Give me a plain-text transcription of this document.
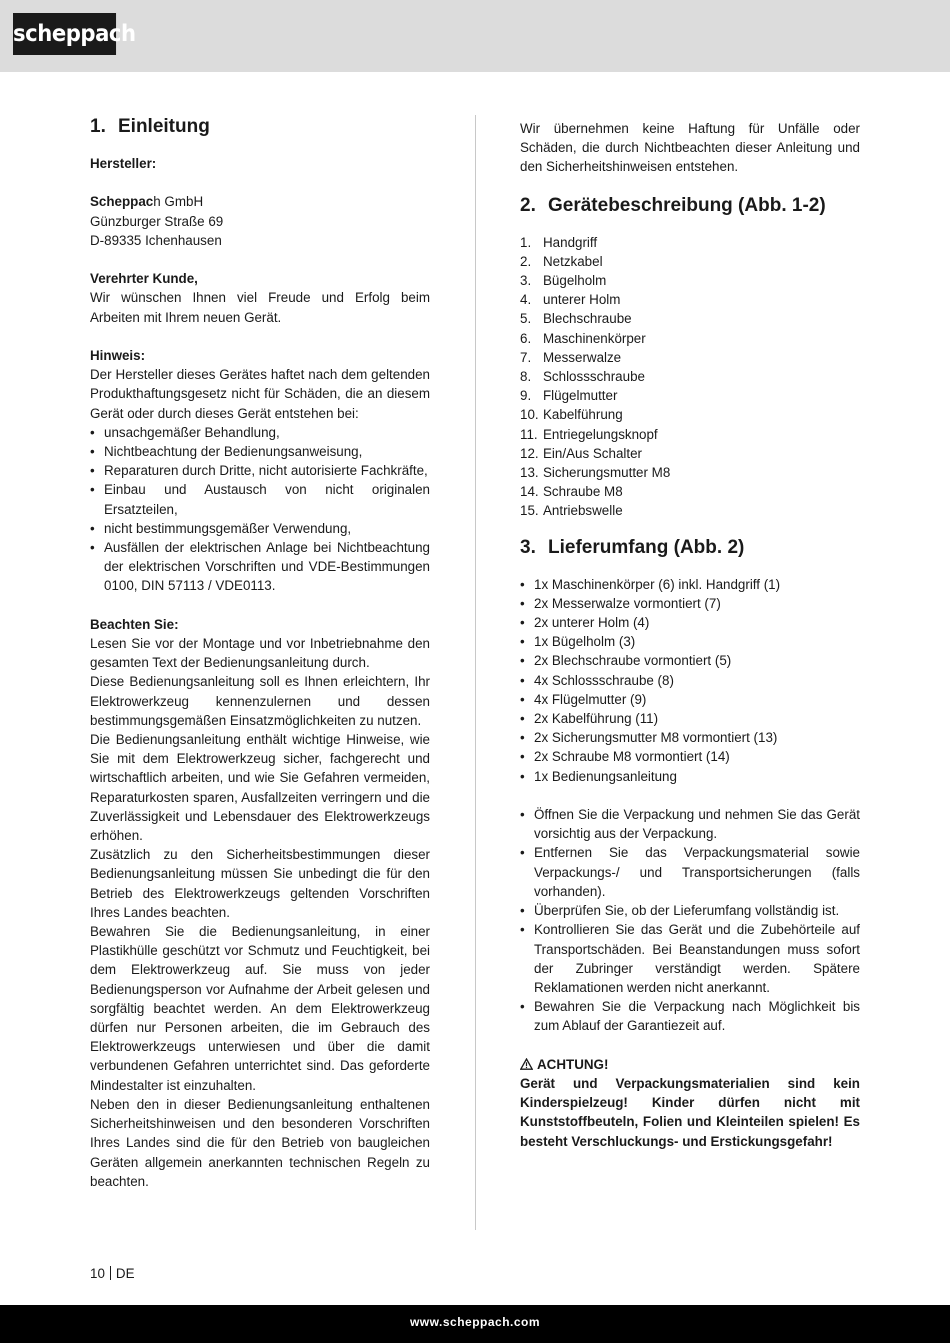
scheppach
1. Einleitung

Hersteller:

Scheppach GmbH

Günzburger Straße 69

D-89335 Ichenhausen

Verehrter Kunde,

Wir wünschen Ihnen viel Freude und Erfolg beim Arbeiten mit Ihrem neuen Gerät.

Hinweis:

Der Hersteller dieses Gerätes haftet nach dem geltenden Produkthaftungsgesetz nicht für Schäden, die an diesem Gerät oder durch dieses Gerät entstehen bei:

• unsachgemäßer Behandlung,
• Nichtbeachtung der Bedienungsanweisung,
• Reparaturen durch Dritte, nicht autorisierte Fachkräfte,
• Einbau und Austausch von nicht originalen Ersatzteilen,
• nicht bestimmungsgemäßer Verwendung,
• Ausfällen der elektrischen Anlage bei Nichtbeachtung der elektrischen Vorschriften und VDE-Bestimmungen 0100, DIN 57113 / VDE0113.

Beachten Sie:

Lesen Sie vor der Montage und vor Inbetriebnahme den gesamten Text der Bedienungsanleitung durch.

Diese Bedienungsanleitung soll es Ihnen erleichtern, Ihr Elektrowerkzeug kennenzulernen und dessen bestimmungsgemäßen Einsatzmöglichkeiten zu nutzen.

Die Bedienungsanleitung enthält wichtige Hinweise, wie Sie mit dem Elektrowerkzeug sicher, fachgerecht und wirtschaftlich arbeiten, und wie Sie Gefahren vermeiden, Reparaturkosten sparen, Ausfallzeiten verringern und die Zuverlässigkeit und Lebensdauer des Elektrowerkzeugs erhöhen.

Zusätzlich zu den Sicherheitsbestimmungen dieser Bedienungsanleitung müssen Sie unbedingt die für den Betrieb des Elektrowerkzeugs geltenden Vorschriften Ihres Landes beachten.

Bewahren Sie die Bedienungsanleitung, in einer Plastikhülle geschützt vor Schmutz und Feuchtigkeit, bei dem Elektrowerkzeug auf. Sie muss von jeder Bedienungsperson vor Aufnahme der Arbeit gelesen und sorgfältig beachtet werden. An dem Elektrowerkzeug dürfen nur Personen arbeiten, die im Gebrauch des Elektrowerkzeugs unterwiesen und über die damit verbundenen Gefahren unterrichtet sind. Das geforderte Mindestalter ist einzuhalten.

Neben den in dieser Bedienungsanleitung enthaltenen Sicherheitshinweisen und den besonderen Vorschriften Ihres Landes sind die für den Betrieb von baugleichen Geräten allgemein anerkannten technischen Regeln zu beachten.

Wir übernehmen keine Haftung für Unfälle oder Schäden, die durch Nichtbeachten dieser Anleitung und den Sicherheitshinweisen entstehen.

2. Gerätebeschreibung (Abb. 1-2)
1. Handgriff
2. Netzkabel
3. Bügelholm
4. unterer Holm
5. Blechschraube
6. Maschinenkörper
7. Messerwalze
8. Schlossschraube
9. Flügelmutter
10. Kabelführung
11. Entriegelungsknopf
12. Ein/Aus Schalter
13. Sicherungsmutter M8
14. Schraube M8
15. Antriebswelle
3. Lieferumfang (Abb. 2)
• 1x Maschinenkörper (6) inkl. Handgriff (1)
• 2x Messerwalze vormontiert (7)
• 2x unterer Holm (4)
• 1x Bügelholm (3)
• 2x Blechschraube vormontiert (5)
• 4x Schlossschraube (8)
• 4x Flügelmutter (9)
• 2x Kabelführung (11)
• 2x Sicherungsmutter M8 vormontiert (13)
• 2x Schraube M8 vormontiert (14)
• 1x Bedienungsanleitung
• Öffnen Sie die Verpackung und nehmen Sie das Gerät vorsichtig aus der Verpackung.
• Entfernen Sie das Verpackungsmaterial sowie Verpackungs-/ und Transportsicherungen (falls vorhanden).
• Überprüfen Sie, ob der Lieferumfang vollständig ist.
• Kontrollieren Sie das Gerät und die Zubehörteile auf Transportschäden. Bei Beanstandungen muss sofort der Zubringer verständigt werden. Spätere Reklamationen werden nicht anerkannt.
• Bewahren Sie die Verpackung nach Möglichkeit bis zum Ablauf der Garantiezeit auf.

ACHTUNG!

Gerät und Verpackungsmaterialien sind kein Kinderspielzeug! Kinder dürfen nicht mit Kunststoffbeuteln, Folien und Kleinteilen spielen! Es besteht Verschluckungs- und Erstickungsgefahr!

10 DE
www.scheppach.com
